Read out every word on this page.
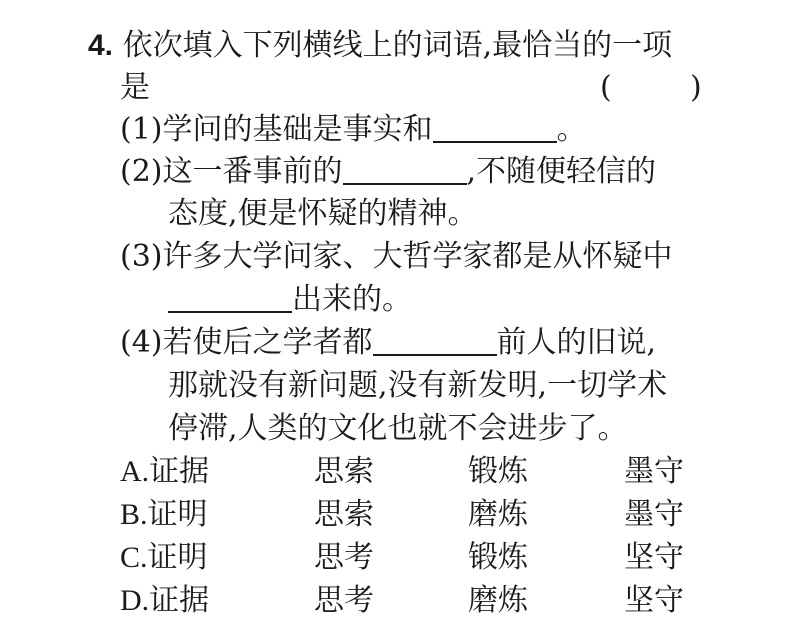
4. 依次填入下列横线上的词语,最恰当的一项
是	(	)
(1)学问的基础是事实和	。
(2)这一番事前的	,不随便轻信的
态度,便是怀疑的精神。
(3)许多大学问家、大哲学家都是从怀疑中
出来的。
(4)若使后之学者都	前人的旧说,
那就没有新问题,没有新发明,一切学术
停滞,人类的文化也就不会进步了。
A.证据	思索	锻炼	墨守
B.证明	思索	磨炼	墨守
C.证明	思考	锻炼	坚守
D.证据	思考	磨炼	坚守
